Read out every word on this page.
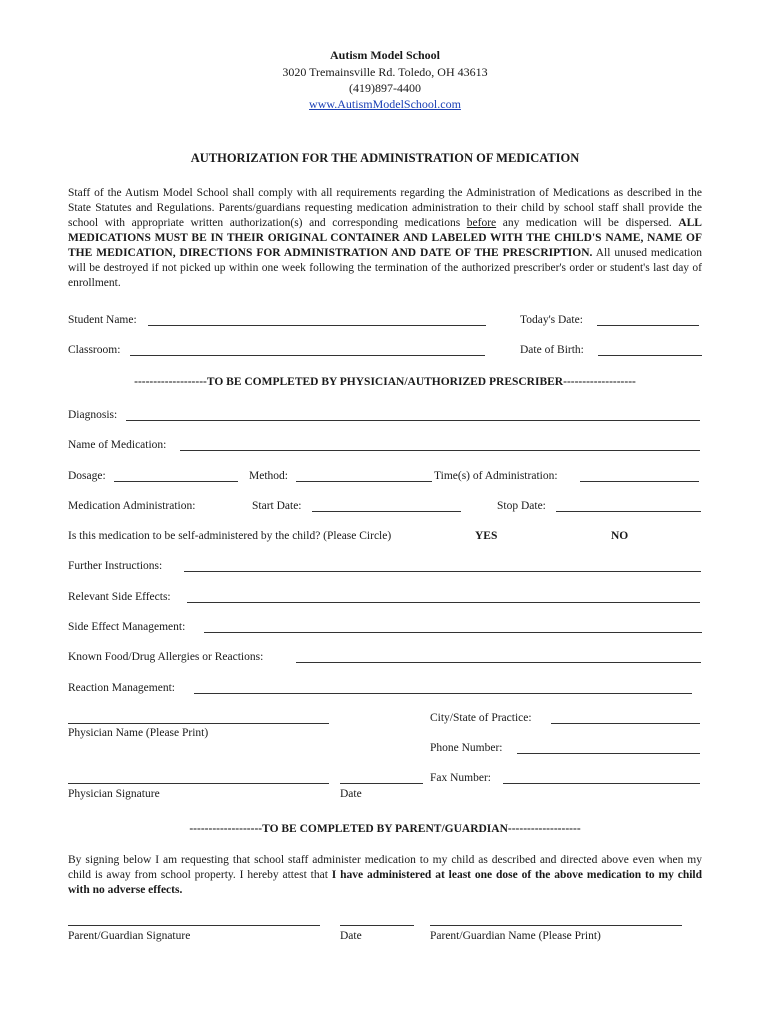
Autism Model School
3020 Tremainsville Rd. Toledo, OH 43613
(419)897-4400
www.AutismModelSchool.com
AUTHORIZATION FOR THE ADMINISTRATION OF MEDICATION
Staff of the Autism Model School shall comply with all requirements regarding the Administration of Medications as described in the State Statutes and Regulations. Parents/guardians requesting medication administration to their child by school staff shall provide the school with appropriate written authorization(s) and corresponding medications before any medication will be dispersed. ALL MEDICATIONS MUST BE IN THEIR ORIGINAL CONTAINER AND LABELED WITH THE CHILD'S NAME, NAME OF THE MEDICATION, DIRECTIONS FOR ADMINISTRATION AND DATE OF THE PRESCRIPTION. All unused medication will be destroyed if not picked up within one week following the termination of the authorized prescriber's order or student's last day of enrollment.
Student Name:	Today's Date:
Classroom:	Date of Birth:
-------------------TO BE COMPLETED BY PHYSICIAN/AUTHORIZED PRESCRIBER-------------------
Diagnosis:
Name of Medication:
Dosage:	Method:	Time(s) of Administration:
Medication Administration:	Start Date:	Stop Date:
Is this medication to be self-administered by the child? (Please Circle)	YES	NO
Further Instructions:
Relevant Side Effects:
Side Effect Management:
Known Food/Drug Allergies or Reactions:
Reaction Management:
Physician Name (Please Print)
City/State of Practice:
Phone Number:
Fax Number:
Physician Signature	Date
-------------------TO BE COMPLETED BY PARENT/GUARDIAN-------------------
By signing below I am requesting that school staff administer medication to my child as described and directed above even when my child is away from school property. I hereby attest that I have administered at least one dose of the above medication to my child with no adverse effects.
Parent/Guardian Signature	Date	Parent/Guardian Name (Please Print)
